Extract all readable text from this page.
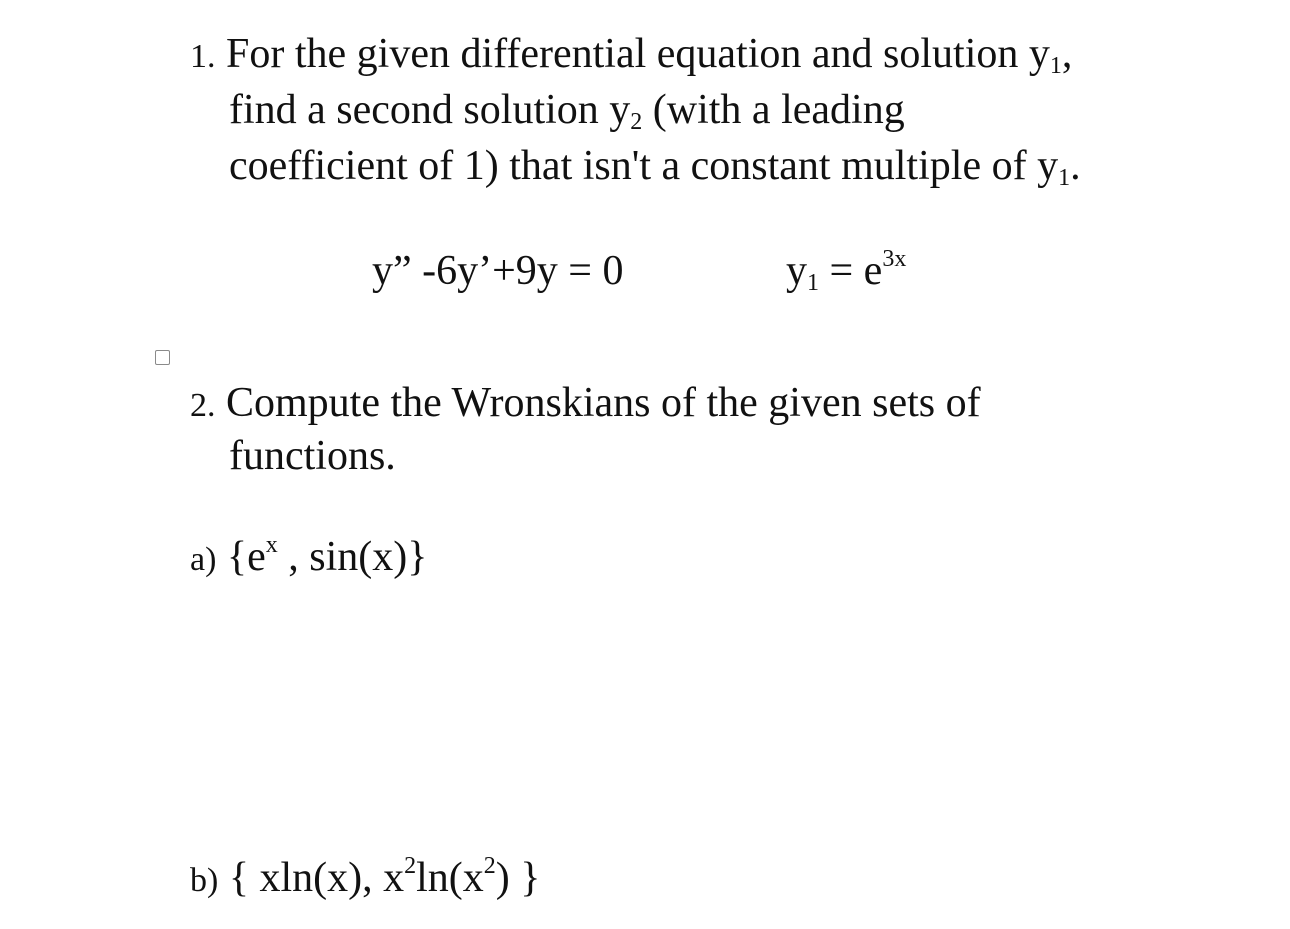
1. For the given differential equation and solution $y_1$,
find a second solution $y_2$ (with a leading
coefficient of 1) that isn't a constant multiple of $y_1$.
y” -6y’+9y = 0	$y_1 = e^{3x}$
2. Compute the Wronskians of the given sets of
functions.
a) {$e^x$ , sin(x)}
b) { xln(x), $x^2\ln(x^2)$ }
